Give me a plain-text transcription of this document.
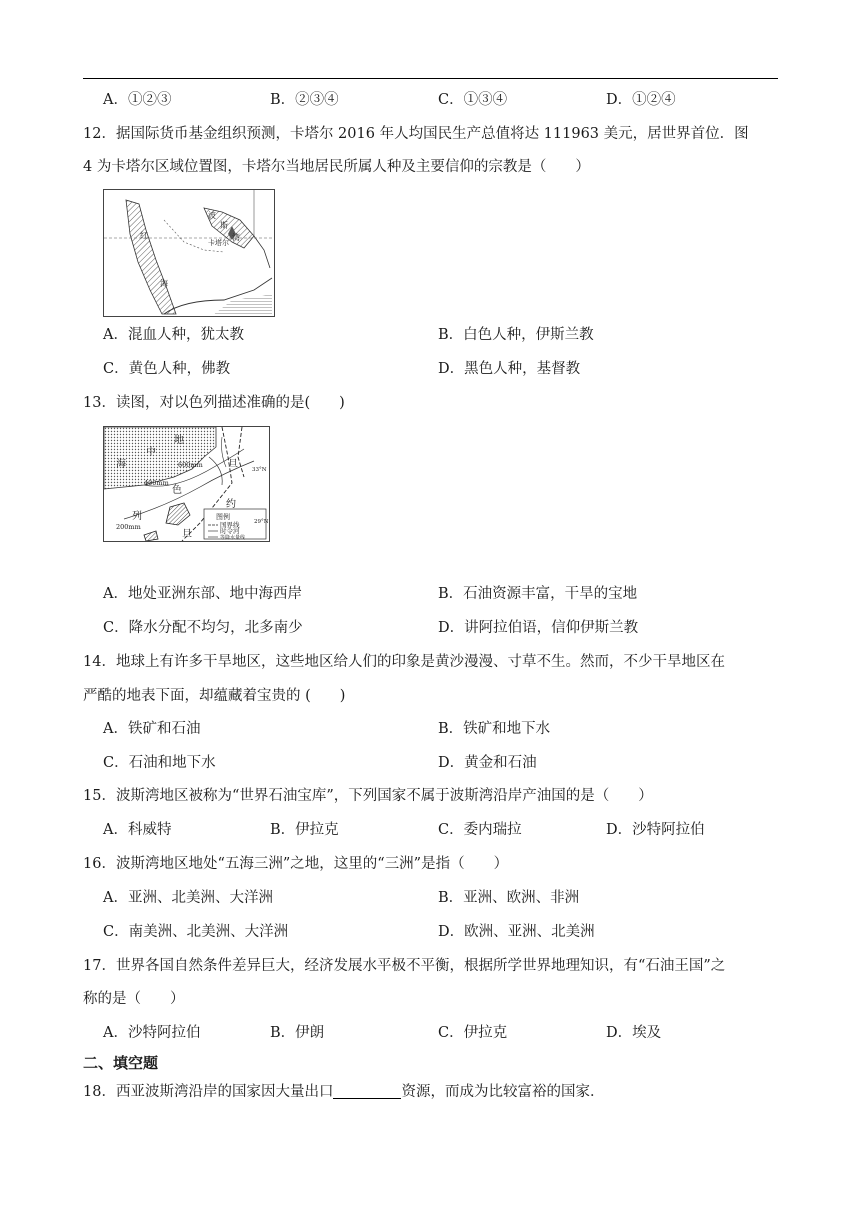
A．①②③	B．②③④	C．①③④	D．①②④
12．据国际货币基金组织预测，卡塔尔 2016 年人均国民生产总值将达 111963 美元，居世界首位．图
4 为卡塔尔区域位置图，卡塔尔当地居民所属人种及主要信仰的宗教是（　　）
波
斯
湾
卡塔尔
红
海
A．混血人种，犹太教	B．白色人种，伊斯兰教
C．黄色人种，佛教	D．黑色人种，基督教
13．读图，对以色列描述准确的是(　　)
图例
国界线
时令河
等降水量线
地
中
海	600mm
400mm
200mm
色
列
约
旦
旦
33°N
29°N
A．地处亚洲东部、地中海西岸	B．石油资源丰富，干旱的宝地
C．降水分配不均匀，北多南少	D．讲阿拉伯语，信仰伊斯兰教
14．地球上有许多干旱地区，这些地区给人们的印象是黄沙漫漫、寸草不生。然而，不少干旱地区在
严酷的地表下面，却蕴藏着宝贵的 (　　)
A．铁矿和石油	B．铁矿和地下水
C．石油和地下水	D．黄金和石油
15．波斯湾地区被称为“世界石油宝库”，下列国家不属于波斯湾沿岸产油国的是（　　）
A．科威特	B．伊拉克	C．委内瑞拉	D．沙特阿拉伯
16．波斯湾地区地处“五海三洲”之地，这里的“三洲”是指（　　）
A．亚洲、北美洲、大洋洲	B．亚洲、欧洲、非洲
C．南美洲、北美洲、大洋洲	D．欧洲、亚洲、北美洲
17．世界各国自然条件差异巨大，经济发展水平极不平衡，根据所学世界地理知识，有“石油王国”之
称的是（　　）
A．沙特阿拉伯	B．伊朗	C．伊拉克	D．埃及
二、填空题
18．西亚波斯湾沿岸的国家因大量出口	资源，而成为比较富裕的国家．
